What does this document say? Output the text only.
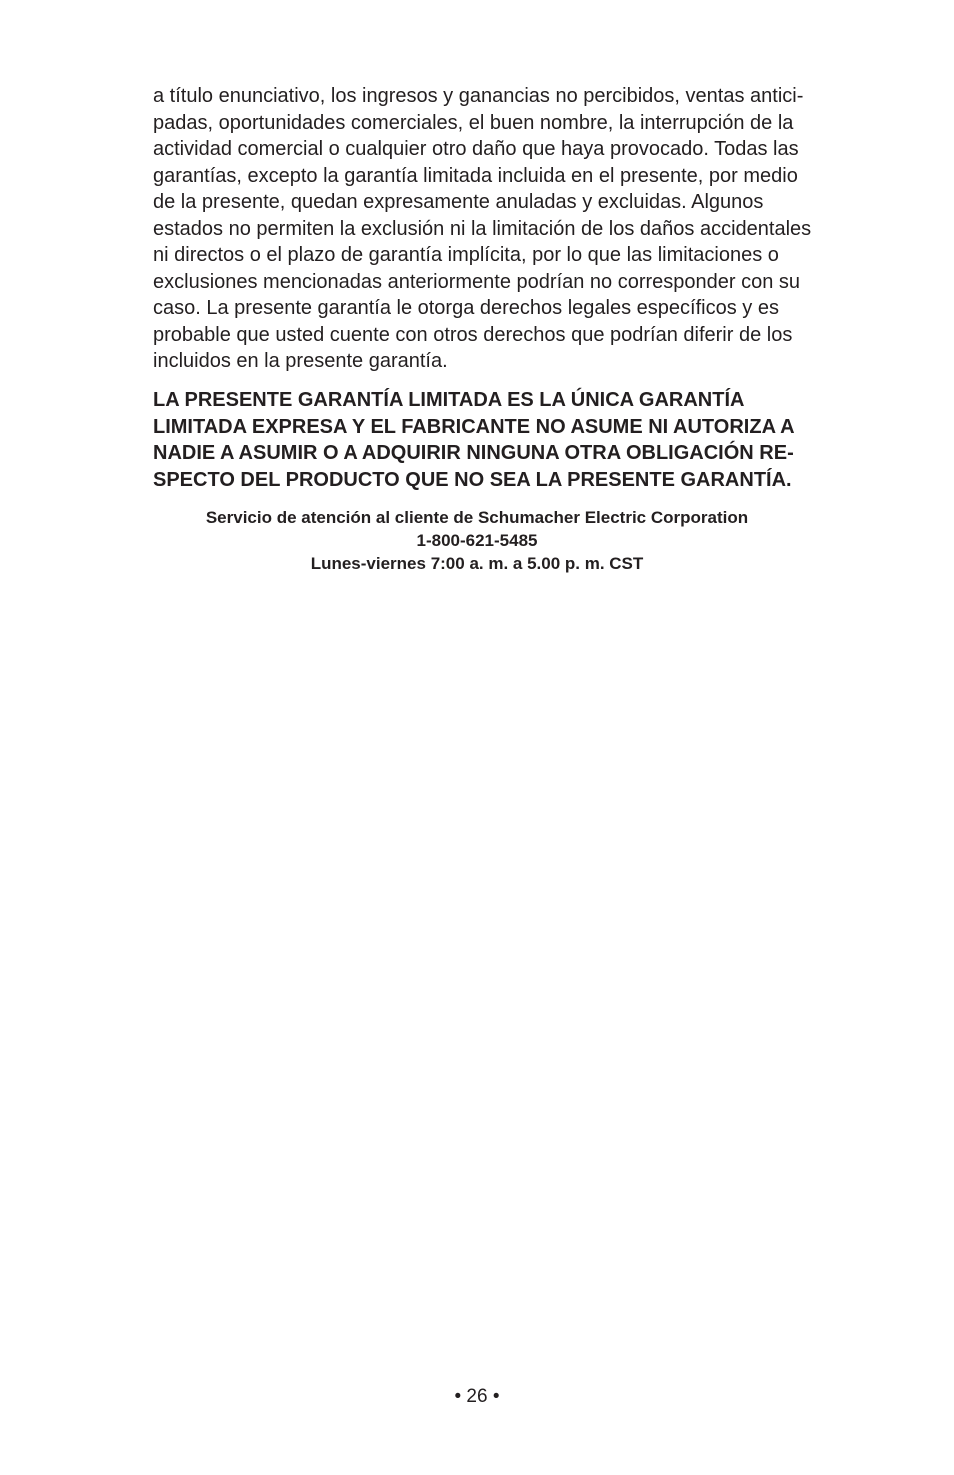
a título enunciativo, los ingresos y ganancias no percibidos, ventas antici-
padas, oportunidades comerciales, el buen nombre, la interrupción de la
actividad comercial o cualquier otro daño que haya provocado. Todas las
garantías, excepto la garantía limitada incluida en el presente, por medio
de la presente, quedan expresamente anuladas y excluidas. Algunos
estados no permiten la exclusión ni la limitación de los daños accidentales
ni directos o el plazo de garantía implícita, por lo que las limitaciones o
exclusiones mencionadas anteriormente podrían no corresponder con su
caso. La presente garantía le otorga derechos legales específicos y es
probable que usted cuente con otros derechos que podrían diferir de los
incluidos en la presente garantía.

LA PRESENTE GARANTÍA LIMITADA ES LA ÚNICA GARANTÍA
LIMITADA EXPRESA Y EL FABRICANTE NO ASUME NI AUTORIZA A
NADIE A ASUMIR O A ADQUIRIR NINGUNA OTRA OBLIGACIÓN RE-
SPECTO DEL PRODUCTO QUE NO SEA LA PRESENTE GARANTÍA.

Servicio de atención al cliente de Schumacher Electric Corporation
1-800-621-5485
Lunes-viernes 7:00 a. m. a 5.00 p. m. CST
• 26 •
